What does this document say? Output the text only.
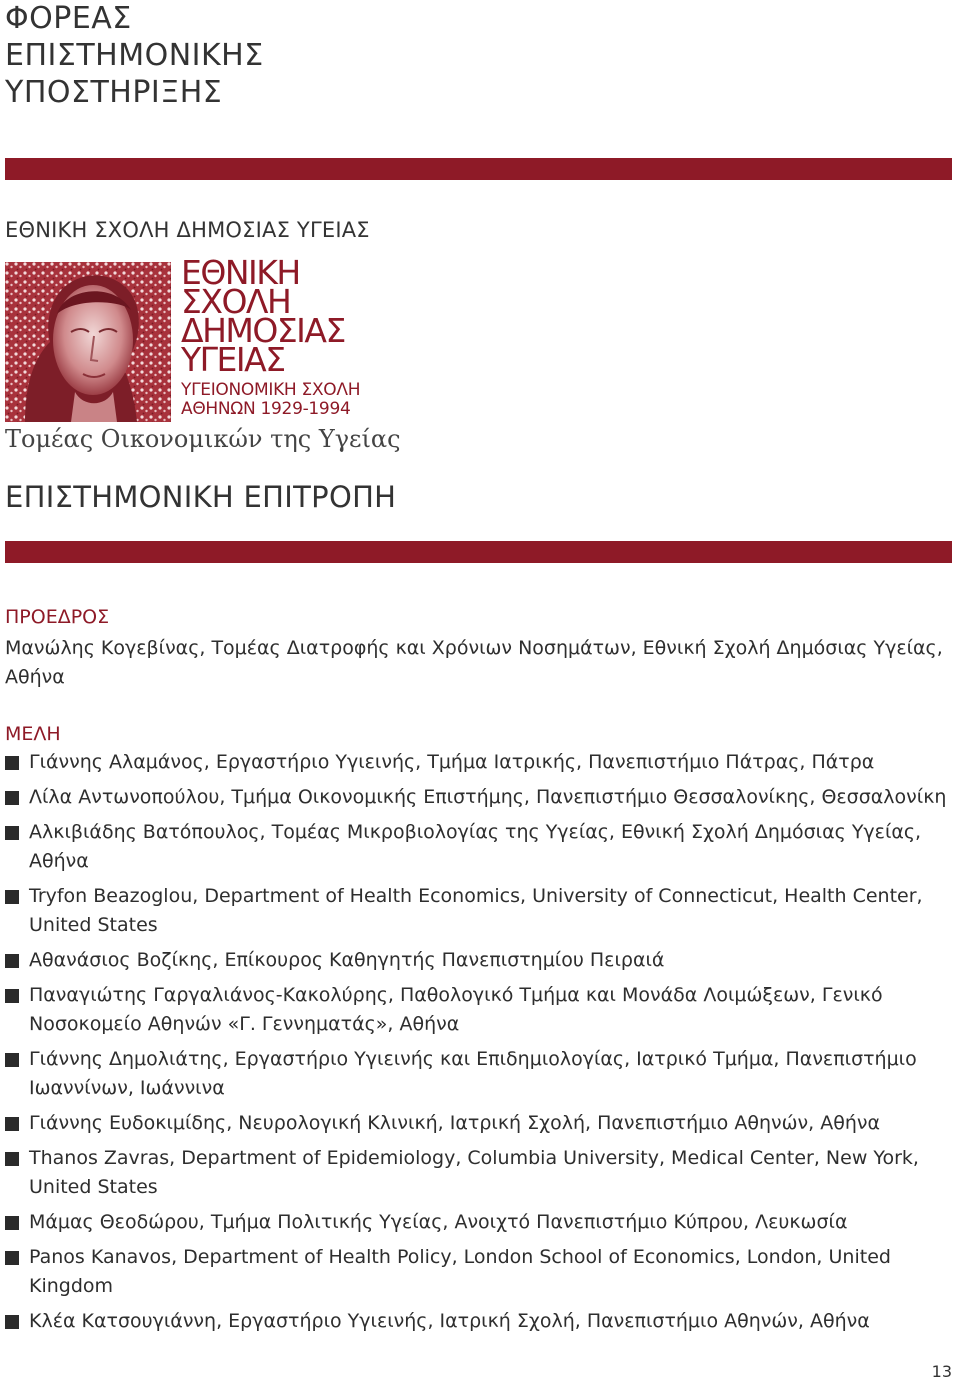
ΦΟΡΕΑΣ
ΕΠΙΣΤΗΜΟΝΙΚΗΣ
ΥΠΟΣΤΗΡΙΞΗΣ
ΕΘΝΙΚΗ ΣΧΟΛΗ ΔΗΜΟΣΙΑΣ ΥΓΕΙΑΣ
ΕΘΝΙΚΗ
ΣΧΟΛΗ
ΔΗΜΟΣΙΑΣ
ΥΓΕΙΑΣ
ΥΓΕΙΟΝΟΜΙΚΗ ΣΧΟΛΗ
ΑΘΗΝΩΝ 1929-1994
Τομέας Οικονομικών της Υγείας
ΕΠΙΣΤΗΜΟΝΙΚΗ ΕΠΙΤΡΟΠΗ
ΠΡΟΕΔΡΟΣ
Μανώλης Κογεβίνας, Τομέας Διατροφής και Χρόνιων Νοσημάτων, Εθνική Σχολή Δημόσιας Υγείας, Αθήνα
ΜΕΛΗ
Γιάννης Αλαμάνος, Εργαστήριο Υγιεινής, Τμήμα Ιατρικής, Πανεπιστήμιο Πάτρας, Πάτρα
Λίλα Αντωνοπούλου, Τμήμα Οικονομικής Επιστήμης, Πανεπιστήμιο Θεσσαλονίκης, Θεσσαλονίκη
Αλκιβιάδης Βατόπουλος, Τομέας Μικροβιολογίας της Υγείας, Εθνική Σχολή Δημόσιας Υγείας, Αθήνα
Tryfon Beazoglou, Department of Health Economics, University of Connecticut, Health Center, United States
Αθανάσιος Βοζίκης, Επίκουρος Καθηγητής Πανεπιστημίου Πειραιά
Παναγιώτης Γαργαλιάνος-Κακολύρης, Παθολογικό Τμήμα και Μονάδα Λοιμώξεων, Γενικό Νοσοκομείο Αθηνών «Γ. Γεννηματάς», Αθήνα
Γιάννης Δημολιάτης, Εργαστήριο Υγιεινής και Επιδημιολογίας, Ιατρικό Τμήμα, Πανεπιστήμιο Ιωαννίνων, Ιωάννινα
Γιάννης Ευδοκιμίδης, Νευρολογική Κλινική, Ιατρική Σχολή, Πανεπιστήμιο Αθηνών, Αθήνα
Thanos Zavras, Department of Epidemiology, Columbia University, Medical Center, New York, United States
Μάμας Θεοδώρου, Τμήμα Πολιτικής Υγείας, Ανοιχτό Πανεπιστήμιο Κύπρου, Λευκωσία
Panos Kanavos, Department of Health Policy, London School of Economics, London, United Kingdom
Κλέα Κατσουγιάννη, Εργαστήριο Υγιεινής, Ιατρική Σχολή, Πανεπιστήμιο Αθηνών, Αθήνα
13
